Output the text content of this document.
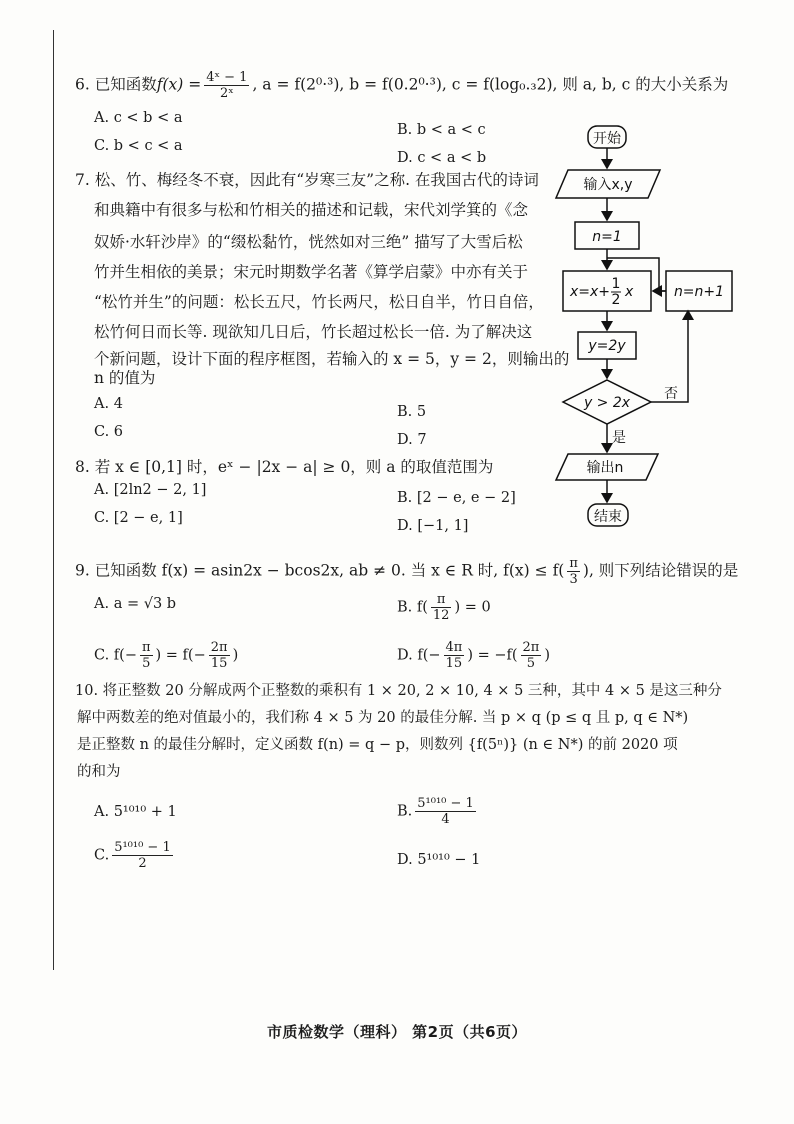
6. 已知函数$f(x) = \frac{\text{4ˣ − 1}}{\text{2ˣ}}$ , a = f(2⁰·³), b = f(0.2⁰·³), c = f(log₀.₃2), 则 a, b, c 的大小关系为
A. c < b < a
C. b < c < a
B. b < a < c
D. c < a < b
7. 松、竹、梅经冬不衰，因此有“岁寒三友”之称. 在我国古代的诗词
和典籍中有很多与松和竹相关的描述和记载，宋代刘学箕的《念
奴娇·水轩沙岸》的“缀松黏竹，恍然如对三绝” 描写了大雪后松
竹并生相依的美景；宋元时期数学名著《算学启蒙》中亦有关于
“松竹并生”的问题：松长五尺，竹长两尺，松日自半，竹日自倍，
松竹何日而长等. 现欲知几日后，竹长超过松长一倍. 为了解决这
个新问题，设计下面的程序框图，若输入的 x = 5，y = 2，则输出的
n 的值为
A. 4
C. 6
B. 5
D. 7
开始
输入x,y
n=1
x=x+ 1
2 x	n=n+1
y=2y
y > 2x
否
是
输出n
结束
8. 若 x ∈ [0,1] 时，eˣ − |2x − a| ≥ 0，则 a 的取值范围为
A. [2ln2 − 2, 1]
C. [2 − e, 1]
B. [2 − e, e − 2]
D. [−1, 1]
9. 已知函数 f(x) = asin2x − bcos2x, ab ≠ 0. 当 x ∈ R 时, $f(x) \le f( \frac{\pi}{3}$ ), 则下列结论错误的是
A. a = √3 b	B. $f( \frac{\pi}{12}$ ) = 0
C. $f(- \frac{\pi}{5}$ ) = $f(- \frac{2\pi}{15}$ )	D. $f(- \frac{4\pi}{15}$ ) = $-f( \frac{2\pi}{5}$ )
10. 将正整数 20 分解成两个正整数的乘积有 1 × 20, 2 × 10, 4 × 5 三种，其中 4 × 5 是这三种分
解中两数差的绝对值最小的，我们称 4 × 5 为 20 的最佳分解. 当 p × q (p ≤ q 且 p, q ∈ N*)
是正整数 n 的最佳分解时，定义函数 f(n) = q − p，则数列 {f(5ⁿ)} (n ∈ N*) 的前 2020 项
的和为
A. 5¹⁰¹⁰ + 1	B. $\frac{\text{5¹⁰¹⁰ − 1}}{4}$
C. $\frac{\text{5¹⁰¹⁰ − 1}}{2}$	D. 5¹⁰¹⁰ − 1
市质检数学（理科） 第2页（共6页）
